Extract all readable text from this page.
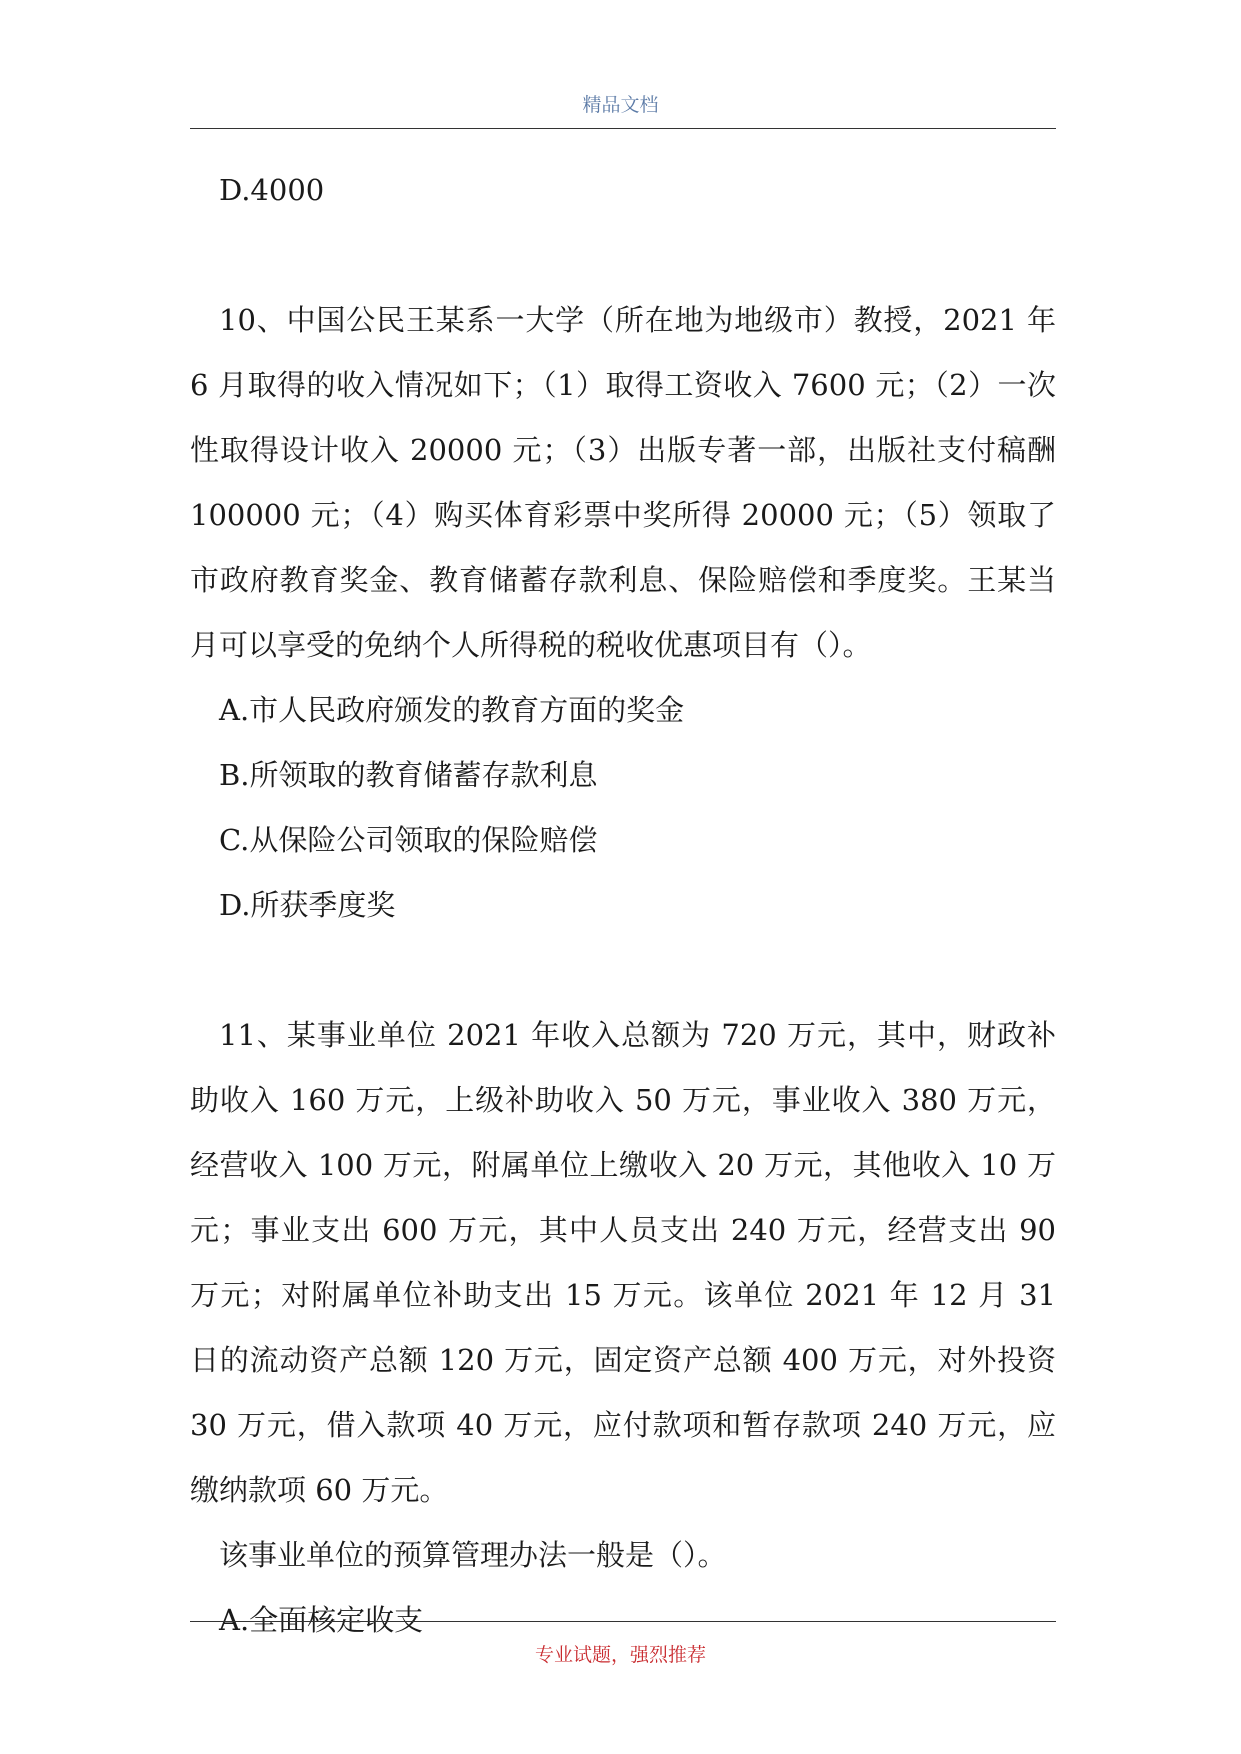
精品文档

D.4000

10、中国公民王某系一大学（所在地为地级市）教授，2021 年 6 月取得的收入情况如下；（1）取得工资收入 7600 元；（2）一次性取得设计收入 20000 元；（3）出版专著一部，出版社支付稿酬 100000 元；（4）购买体育彩票中奖所得 20000 元；（5）领取了市政府教育奖金、教育储蓄存款利息、保险赔偿和季度奖。王某当月可以享受的免纳个人所得税的税收优惠项目有（）。

A.市人民政府颁发的教育方面的奖金

B.所领取的教育储蓄存款利息

C.从保险公司领取的保险赔偿

D.所获季度奖

11、某事业单位 2021 年收入总额为 720 万元，其中，财政补助收入 160 万元，上级补助收入 50 万元，事业收入 380 万元，经营收入 100 万元，附属单位上缴收入 20 万元，其他收入 10 万元；事业支出 600 万元，其中人员支出 240 万元，经营支出 90 万元；对附属单位补助支出 15 万元。该单位 2021 年 12 月 31 日的流动资产总额 120 万元，固定资产总额 400 万元，对外投资 30 万元，借入款项 40 万元，应付款项和暂存款项 240 万元，应缴纳款项 60 万元。

该事业单位的预算管理办法一般是（）。

A.全面核定收支

专业试题，强烈推荐
